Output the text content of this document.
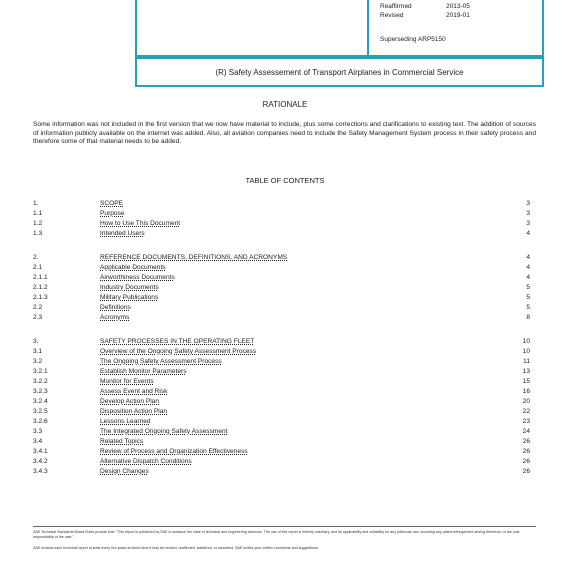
Reaffirmed	2013-05
Revised	2019-01
Superseding ARP5150
(R) Safety Assessement of Transport Airplanes in Commercial Service
RATIONALE
Some information was not included in the first version that we now have material to include, plus some corrections and clarifications to existing text. The addition of sources of information publicly available on the internet was added. Also, all aviation companies need to include the Safety Management System process in their safety process and therefore some of that material needs to be added.
TABLE OF CONTENTS
1.	SCOPE	3
1.1	Purpose	3
1.2	How to Use This Document	3
1.3	Intended Users	4
2.	REFERENCE DOCUMENTS, DEFINITIONS, AND ACRONYMS	4
2.1	Applicable Documents	4
2.1.1	Airworthiness Documents	4
2.1.2	Industry Documents	5
2.1.3	Military Publications	5
2.2	Definitions	5
2.3	Acronyms	8
3.	SAFETY PROCESSES IN THE OPERATING FLEET	10
3.1	Overview of the Ongoing Safety Assessment Process	10
3.2	The Ongoing Safety Assessment Process	11
3.2.1	Establish Monitor Parameters	13
3.2.2	Monitor for Events	15
3.2.3	Assess Event and Risk	16
3.2.4	Develop Action Plan	20
3.2.5	Disposition Action Plan	22
3.2.6	Lessons Learned	23
3.3	The Integrated Ongoing Safety Assessment	24
3.4	Related Topics	26
3.4.1	Review of Process and Organization Effectiveness	26
3.4.2	Alternative Dispatch Conditions	26
3.4.3	Design Changes	26
SAE Technical Standards Board Rules provide that: "This report is published by SAE to advance the state of technical and engineering sciences. The use of this report is entirely voluntary, and its applicability and suitability for any particular use, including any patent infringement arising therefrom, is the sole responsibility of the user."
SAE reviews each technical report at least every five years at which time it may be revised, reaffirmed, stabilized, or cancelled. SAE invites your written comments and suggestions.
